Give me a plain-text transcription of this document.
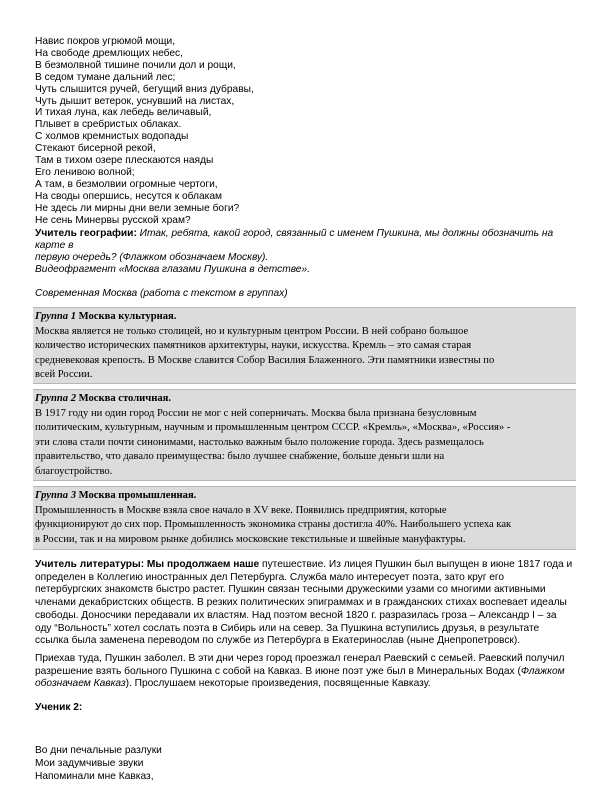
Навис покров угрюмой мощи,
На свободе дремлющих небес,
В безмолвной тишине почили дол и рощи,
В седом тумане дальний лес;
Чуть слышится ручей, бегущий вниз дубравы,
Чуть дышит ветерок, уснувший на листах,
И тихая луна, как лебедь величавый,
Плывет в сребристых облаках.
С холмов кремнистых водопады
Стекают бисерной рекой,
Там в тихом озере плескаются наяды
Его ленивою волной;
А там, в безмолвии огромные чертоги,
На своды опершись, несутся к облакам
Не здесь ли мирны дни вели земные боги?
Не сень Минервы русской храм?
Учитель географии: Итак, ребята, какой город, связанный с именем Пушкина, мы должны обозначить на карте в
первую очередь? (Флажком обозначаем Москву).
Видеофрагмент «Москва глазами Пушкина в детстве».
Современная Москва (работа с текстом в группах)
Группа 1 Москва культурная.
Москва является не только столицей, но и культурным центром России. В ней собрано большое
количество исторических памятников архитектуры, науки, искусства. Кремль – это самая старая
средневековая крепость. В Москве славится Собор Василия Блаженного. Эти памятники известны по
всей России.
Группа 2 Москва столичная.
В 1917 году ни один город России не мог с ней соперничать. Москва была признана безусловным
политическим, культурным, научным и промышленным центром СССР. «Кремль», «Москва», «Россия» -
эти слова стали почти синонимами, настолько важным было положение города. Здесь размещалось
правительство, что давало преимущества: было лучшее снабжение, больше деньги шли на
благоустройство.
Группа 3 Москва промышленная.
Промышленность в Москве взяла свое начало в XV веке. Появились предприятия, которые
функционируют до сих пор. Промышленность экономика страны достигла 40%. Наибольшего успеха как
в России, так и на мировом рынке добились московские текстильные и швейные мануфактуры.
Учитель литературы: Мы продолжаем наше путешествие. Из лицея Пушкин был выпущен в июне 1817 года и
определен в Коллегию иностранных дел Петербурга. Служба мало интересует поэта, зато круг его
петербургских знакомств быстро растет. Пушкин связан тесными дружескими узами со многими активными
членами декабристских обществ. В резких политических эпиграммах и в гражданских стихах воспевает идеалы
свободы. Доносчики передавали их властям. Над поэтом весной 1820 г. разразилась гроза – Александр I – за
оду “Вольность” хотел сослать поэта в Сибирь или на север. За Пушкина вступились друзья, в результате
ссылка была заменена переводом по службе из Петербурга в Екатеринослав (ныне Днепропетровск).
Приехав туда, Пушкин заболел. В эти дни через город проезжал генерал Раевский с семьей. Раевский получил
разрешение взять больного Пушкина с собой на Кавказ. В июне поэт уже был в Минеральных Водах (Флажком
обозначаем Кавказ). Прослушаем некоторые произведения, посвященные Кавказу.
Ученик 2:
Во дни печальные разлуки
Мои задумчивые звуки
Напоминали мне Кавказ,
